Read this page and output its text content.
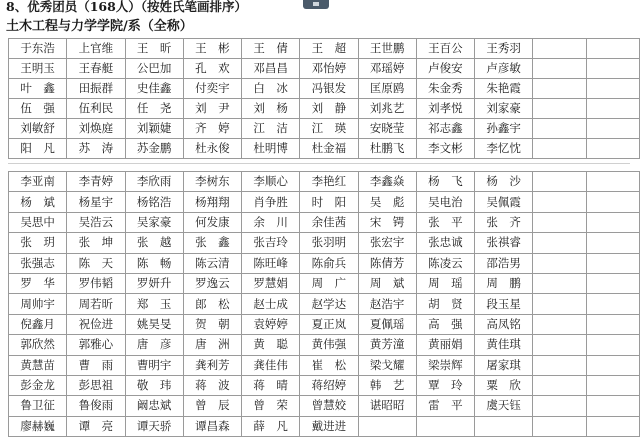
8、优秀团员（168人）（按姓氏笔画排序）
土木工程与力学学院/系（全称）
于东浩	上官维	王　昕	王　彬	王　倩	王　超	王世鹏	王百公	王秀羽		
王明玉	王春艇	公巴加	孔　欢	邓昌昌	邓怡婷	邓瑶婷	卢俊安	卢彦敏		
叶　鑫	田振群	史佳鑫	付奕宇	白　冰	冯银发	匡原鸥	朱金秀	朱艳霞		
伍　强	伍利民	任　尧	刘　尹	刘　杨	刘　静	刘兆艺	刘孝悦	刘家豪		
刘敏舒	刘焕庭	刘颖婕	齐　婷	江　洁	江　瑛	安晓莹	祁志鑫	孙鑫宇		
阳　凡	苏　涛	苏金鹏	杜永俊	杜明博	杜金福	杜鹏飞	李文彬	李忆忱		
李亚南	李青婷	李欣雨	李树东	李顺心	李艳红	李鑫焱	杨　飞	杨　沙		
杨　斌	杨星宇	杨铭浩	杨翔翔	肖争胜	时　阳	吴　彪	吴电治	吴佩霞		
吴思中	吴浩云	吴家豪	何发康	余　川	余佳茜	宋　锷	张　平	张　齐		
张　玥	张　坤	张　越	张　鑫	张吉玲	张羽明	张宏宇	张忠诚	张祺睿		
张强志	陈　天	陈　畅	陈云清	陈旺峰	陈俞兵	陈倩芳	陈凌云	邵浩男		
罗　华	罗伟韬	罗妍升	罗逸云	罗慧娟	周　广	周　斌	周　瑶	周　鹏		
周帅宇	周若昕	郑　玉	郎　松	赵士成	赵学达	赵浩宇	胡　贤	段玉星		
倪鑫月	祝俭进	姚昊旻	贺　朝	袁婷婷	夏正岚	夏佩瑶	高　强	高凤铭		
郭欣然	郭雅心	唐　彦	唐　洲	黄　聪	黄伟强	黄芳潼	黄丽娟	黄佳琪		
黄慧苗	曹　雨	曹明宇	龚利芳	龚佳伟	崔　松	梁戈耀	梁崇辉	屠家琪		
彭金龙	彭思祖	敬　玮	蒋　波	蒋　晴	蒋绍婷	韩　艺	覃　玲	粟　欣		
鲁卫征	鲁俊雨	阚忠斌	曾　辰	曾　荣	曾慧姣	谌昭昭	雷　平	虞天钰		
廖赫巍	谭　亮	谭天骄	谭昌森	薛　凡	戴进进					
